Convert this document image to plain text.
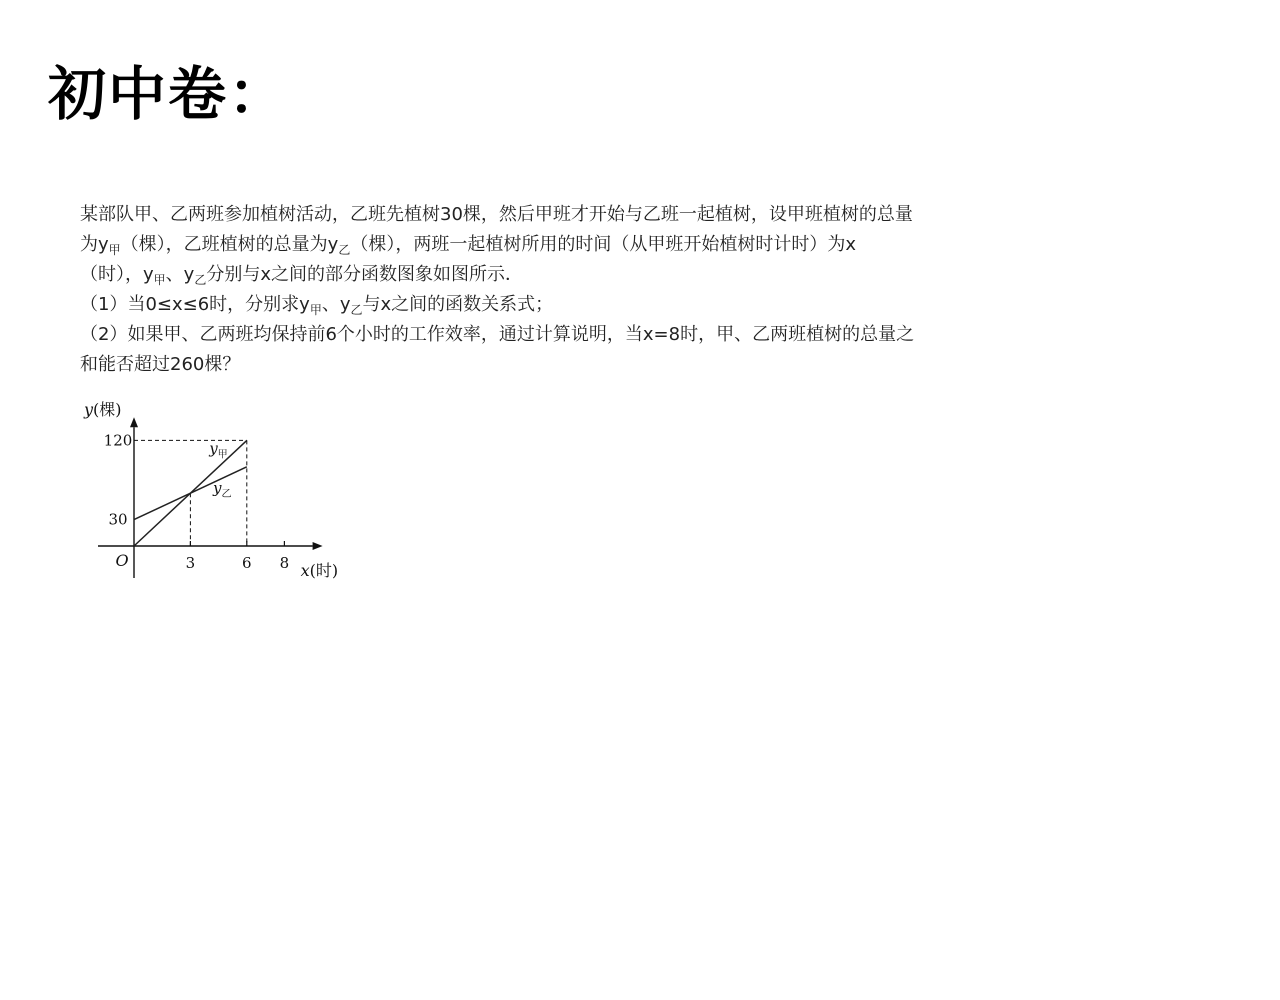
初中卷：
某部队甲、乙两班参加植树活动，乙班先植树30棵，然后甲班才开始与乙班一起植树，设甲班植树的总量
为$y_甲$（棵），乙班植树的总量为$y_乙$（棵），两班一起植树所用的时间（从甲班开始植树时计时）为x
（时），$y_甲$、$y_乙$分别与x之间的部分函数图象如图所示．
（1）当0≤x≤6时，分别求$y_甲$、$y_乙$与x之间的函数关系式；
（2）如果甲、乙两班均保持前6个小时的工作效率，通过计算说明，当x=8时，甲、乙两班植树的总量之
和能否超过260棵？
y(棵)
x(时)
O	3	6 8
30
120	$y_甲$
$y_乙$
